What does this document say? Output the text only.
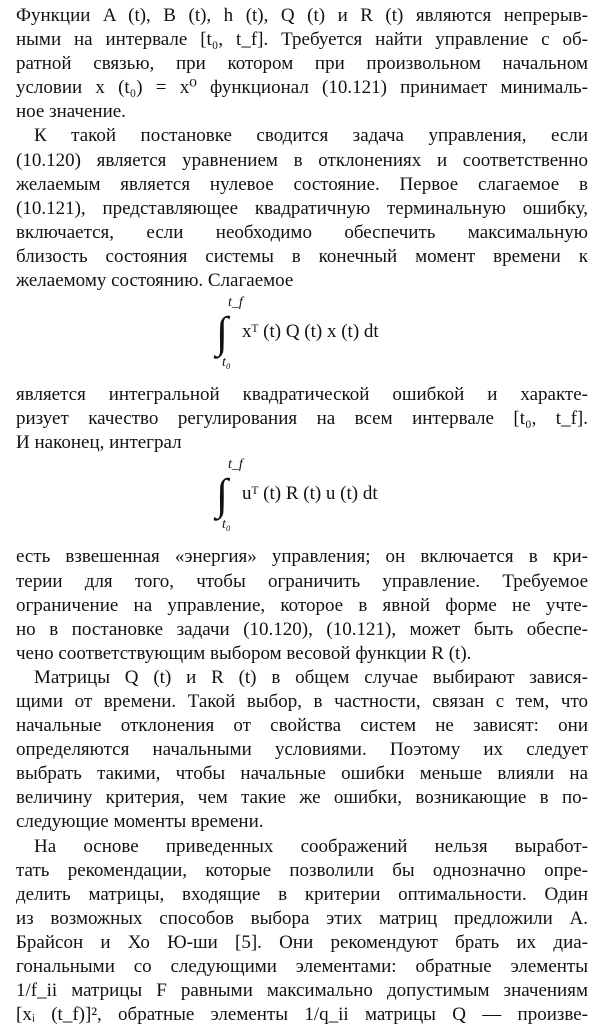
Функции A (t), B (t), h (t), Q (t) и R (t) являются непрерыв-
ными на интервале [t₀, t_f]. Требуется найти управление с об-
ратной связью, при котором при произвольном начальном
условии x (t₀) = x⁰ функционал (10.121) принимает минималь-
ное значение.
К такой постановке сводится задача управления, если
(10.120) является уравнением в отклонениях и соответственно
желаемым является нулевое состояние. Первое слагаемое в
(10.121), представляющее квадратичную терминальную ошибку,
включается, если необходимо обеспечить максимальную
близость состояния системы в конечный момент времени к
желаемому состоянию. Слагаемое
t_f
∫
t₀
xᵀ (t) Q (t) x (t) dt
является интегральной квадратической ошибкой и характе-
ризует качество регулирования на всем интервале [t₀, t_f].
И наконец, интеграл
t_f
∫
t₀
uᵀ (t) R (t) u (t) dt
есть взвешенная «энергия» управления; он включается в кри-
терии для того, чтобы ограничить управление. Требуемое
ограничение на управление, которое в явной форме не учте-
но в постановке задачи (10.120), (10.121), может быть обеспе-
чено соответствующим выбором весовой функции R (t).
Матрицы Q (t) и R (t) в общем случае выбирают завися-
щими от времени. Такой выбор, в частности, связан с тем, что
начальные отклонения от свойства систем не зависят: они
определяются начальными условиями. Поэтому их следует
выбрать такими, чтобы начальные ошибки меньше влияли на
величину критерия, чем такие же ошибки, возникающие в по-
следующие моменты времени.
На основе приведенных соображений нельзя выработ-
тать рекомендации, которые позволили бы однозначно опре-
делить матрицы, входящие в критерии оптимальности. Один
из возможных способов выбора этих матриц предложили А.
Брайсон и Хо Ю-ши [5]. Они рекомендуют брать их диа-
гональными со следующими элементами: обратные элементы
1/f_ii матрицы F равными максимально допустимым значениям
[xᵢ (t_f)]², обратные элементы 1/q_ii матрицы Q — произве-
